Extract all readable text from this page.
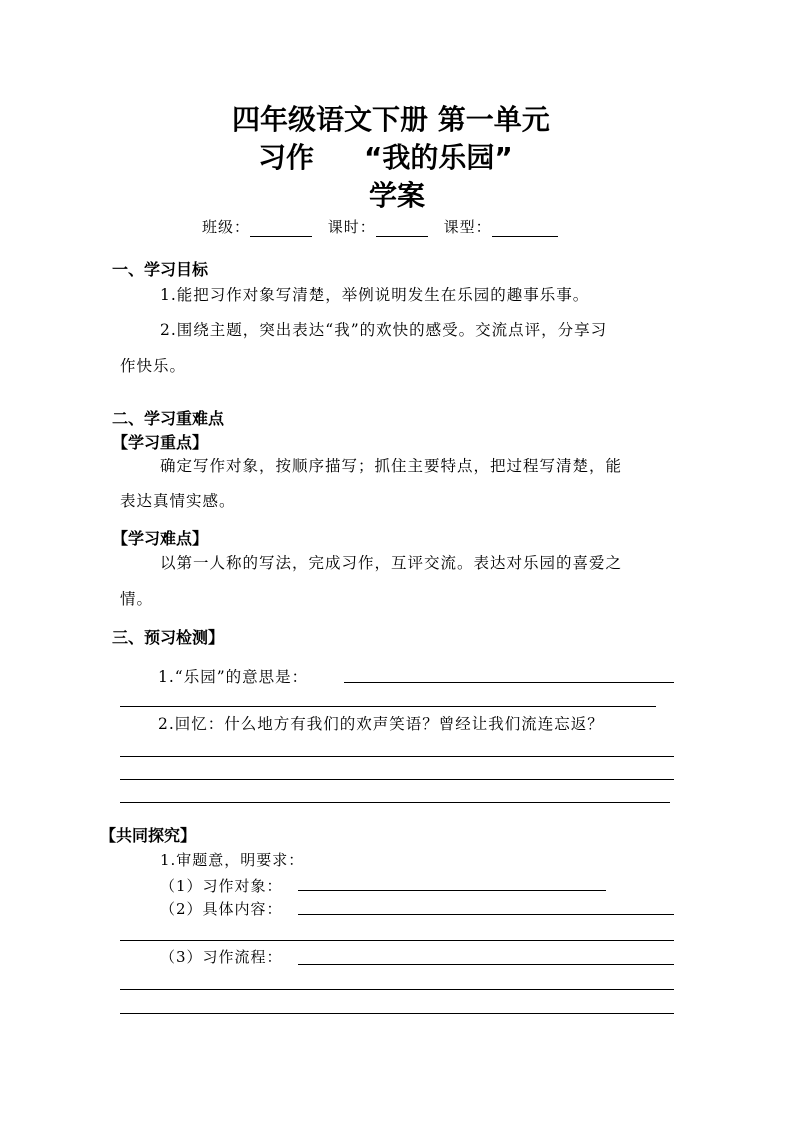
四年级语文下册 第一单元
习作 “我的乐园”
学案
班级：	课时：	课型：
一、学习目标
1.能把习作对象写清楚，举例说明发生在乐园的趣事乐事。
2.围绕主题，突出表达“我”的欢快的感受。交流点评，分享习
作快乐。
二、学习重难点
【学习重点】
确定写作对象，按顺序描写；抓住主要特点，把过程写清楚，能
表达真情实感。
【学习难点】
以第一人称的写法，完成习作，互评交流。表达对乐园的喜爱之
情。
三、预习检测】
1.“乐园”的意思是：
2.回忆：什么地方有我们的欢声笑语？曾经让我们流连忘返？
【共同探究】
1.审题意，明要求：
（1）习作对象：
（2）具体内容：
（3）习作流程：
